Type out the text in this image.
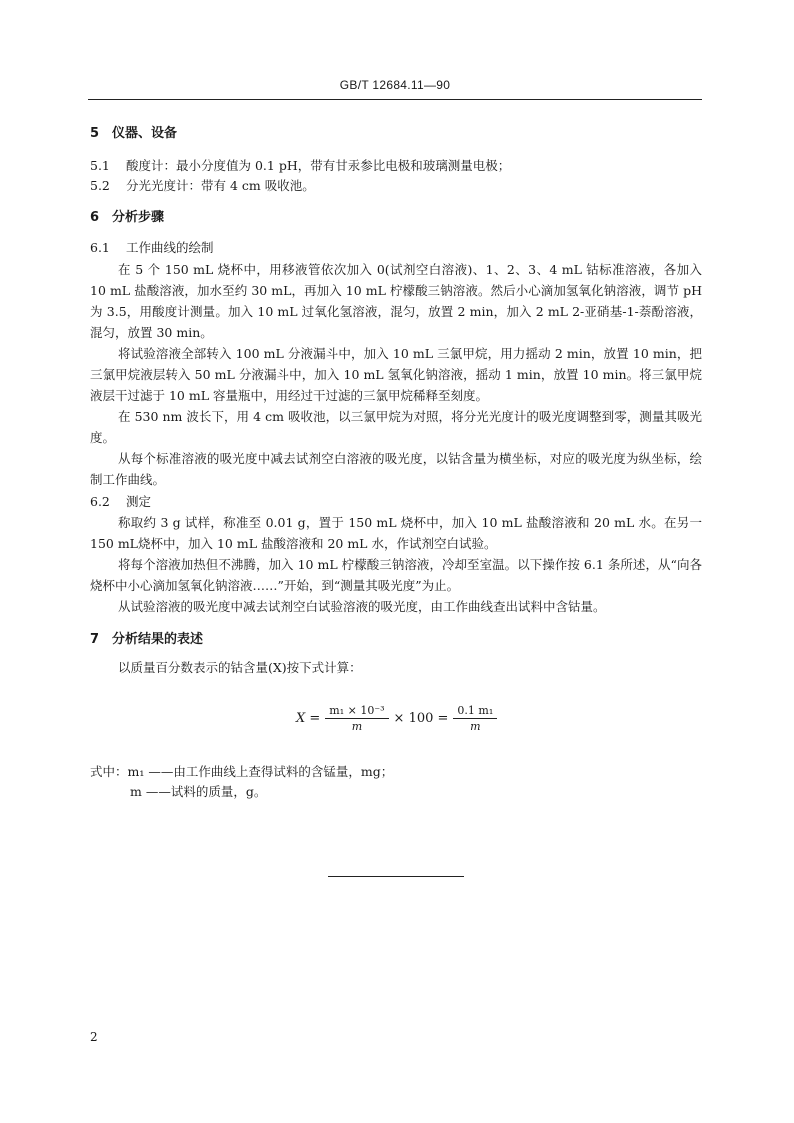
GB/T 12684.11—90
5 仪器、设备
5.1 酸度计：最小分度值为 0.1 pH，带有甘汞参比电极和玻璃测量电极；
5.2 分光光度计：带有 4 cm 吸收池。
6 分析步骤
6.1 工作曲线的绘制
在 5 个 150 mL 烧杯中，用移液管依次加入 0(试剂空白溶液)、1、2、3、4 mL 钴标准溶液，各加入 10 mL 盐酸溶液，加水至约 30 mL，再加入 10 mL 柠檬酸三钠溶液。然后小心滴加氢氧化钠溶液，调节 pH 为 3.5，用酸度计测量。加入 10 mL 过氧化氢溶液，混匀，放置 2 min，加入 2 mL 2-亚硝基-1-萘酚溶液，混匀，放置 30 min。
将试验溶液全部转入 100 mL 分液漏斗中，加入 10 mL 三氯甲烷，用力摇动 2 min，放置 10 min，把三氯甲烷液层转入 50 mL 分液漏斗中，加入 10 mL 氢氧化钠溶液，摇动 1 min，放置 10 min。将三氯甲烷液层干过滤于 10 mL 容量瓶中，用经过干过滤的三氯甲烷稀释至刻度。
在 530 nm 波长下，用 4 cm 吸收池，以三氯甲烷为对照，将分光光度计的吸光度调整到零，测量其吸光度。
从每个标准溶液的吸光度中减去试剂空白溶液的吸光度，以钴含量为横坐标，对应的吸光度为纵坐标，绘制工作曲线。
6.2 测定
称取约 3 g 试样，称准至 0.01 g，置于 150 mL 烧杯中，加入 10 mL 盐酸溶液和 20 mL 水。在另一 150 mL烧杯中，加入 10 mL 盐酸溶液和 20 mL 水，作试剂空白试验。
将每个溶液加热但不沸腾，加入 10 mL 柠檬酸三钠溶液，冷却至室温。以下操作按 6.1 条所述，从“向各烧杯中小心滴加氢氧化钠溶液……”开始，到“测量其吸光度”为止。
从试验溶液的吸光度中减去试剂空白试验溶液的吸光度，由工作曲线查出试料中含钴量。
7 分析结果的表述
以质量百分数表示的钴含量(X)按下式计算：
$X = \frac{\text{m₁ × 10⁻³}}{m} \times 100 = \frac{\text{0.1 m₁}}{m}$
式中：m₁ ——由工作曲线上查得试料的含锰量，mg；
m ——试料的质量，g。
2
